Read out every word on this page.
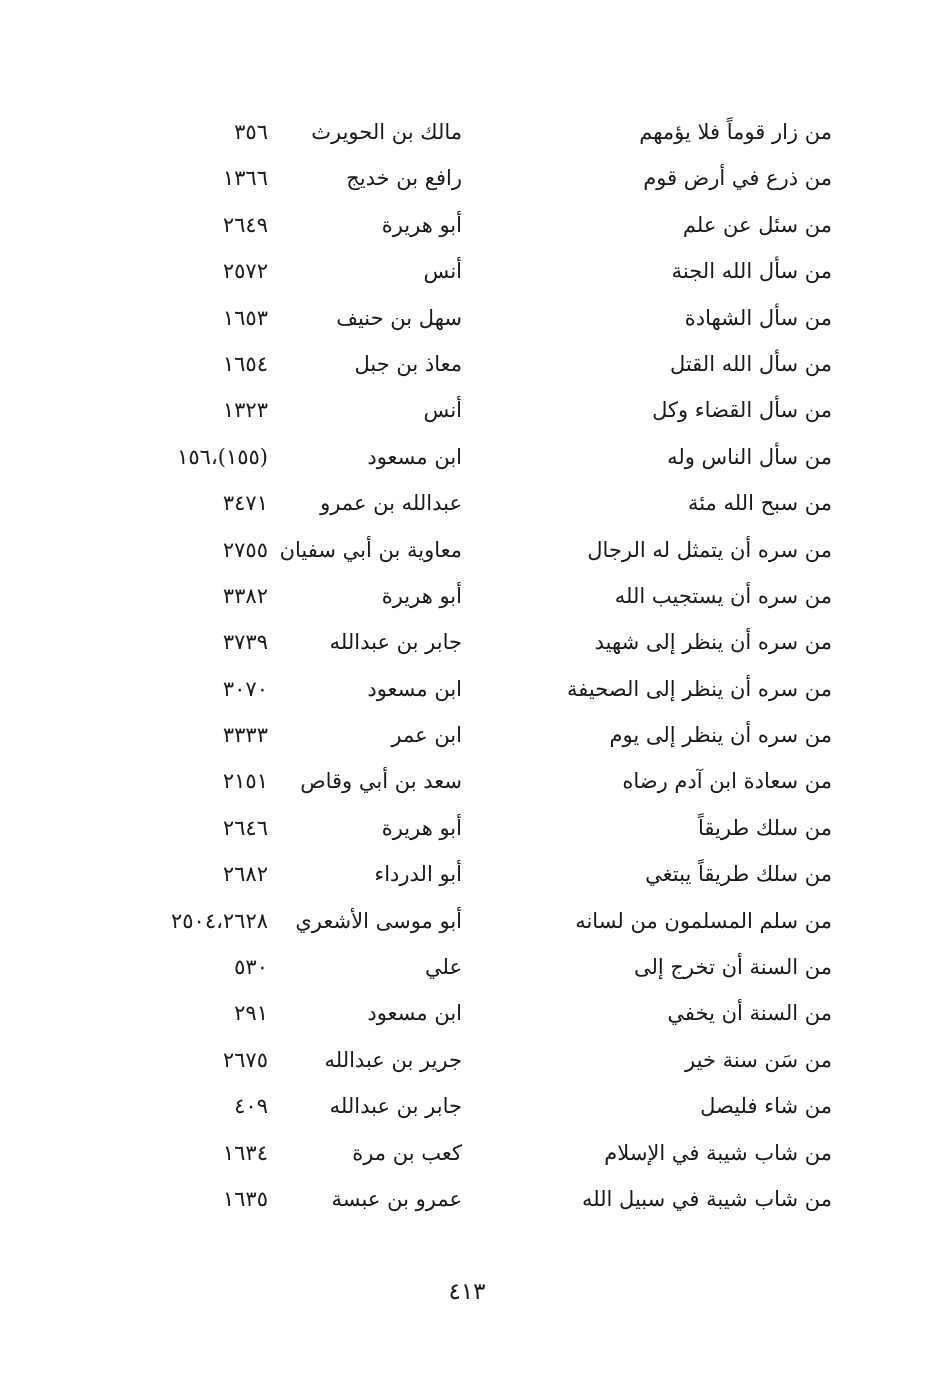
من زار قوماً فلا يؤمهم
مالك بن الحويرث
٣٥٦
من ذرع في أرض قوم
رافع بن خديج
١٣٦٦
من سئل عن علم
أبو هريرة
٢٦٤٩
من سأل الله الجنة
أنس
٢٥٧٢
من سأل الشهادة
سهل بن حنيف
١٦٥٣
من سأل الله القتل
معاذ بن جبل
١٦٥٤
من سأل القضاء وكل
أنس
١٣٢٣
من سأل الناس وله
ابن مسعود
(١٥٥)،١٥٦
من سبح الله مئة
عبدالله بن عمرو
٣٤٧١
من سره أن يتمثل له الرجال
معاوية بن أبي سفيان
٢٧٥٥
من سره أن يستجيب الله
أبو هريرة
٣٣٨٢
من سره أن ينظر إلى شهيد
جابر بن عبدالله
٣٧٣٩
من سره أن ينظر إلى الصحيفة
ابن مسعود
٣٠٧٠
من سره أن ينظر إلى يوم
ابن عمر
٣٣٣٣
من سعادة ابن آدم رضاه
سعد بن أبي وقاص
٢١٥١
من سلك طريقاً
أبو هريرة
٢٦٤٦
من سلك طريقاً يبتغي
أبو الدرداء
٢٦٨٢
من سلم المسلمون من لسانه
أبو موسى الأشعري
٢٥٠٤،٢٦٢٨
من السنة أن تخرج إلى
علي
٥٣٠
من السنة أن يخفي
ابن مسعود
٢٩١
من سَن سنة خير
جرير بن عبدالله
٢٦٧٥
من شاء فليصل
جابر بن عبدالله
٤٠٩
من شاب شيبة في الإسلام
كعب بن مرة
١٦٣٤
من شاب شيبة في سبيل الله
عمرو بن عبسة
١٦٣٥
٤١٣
